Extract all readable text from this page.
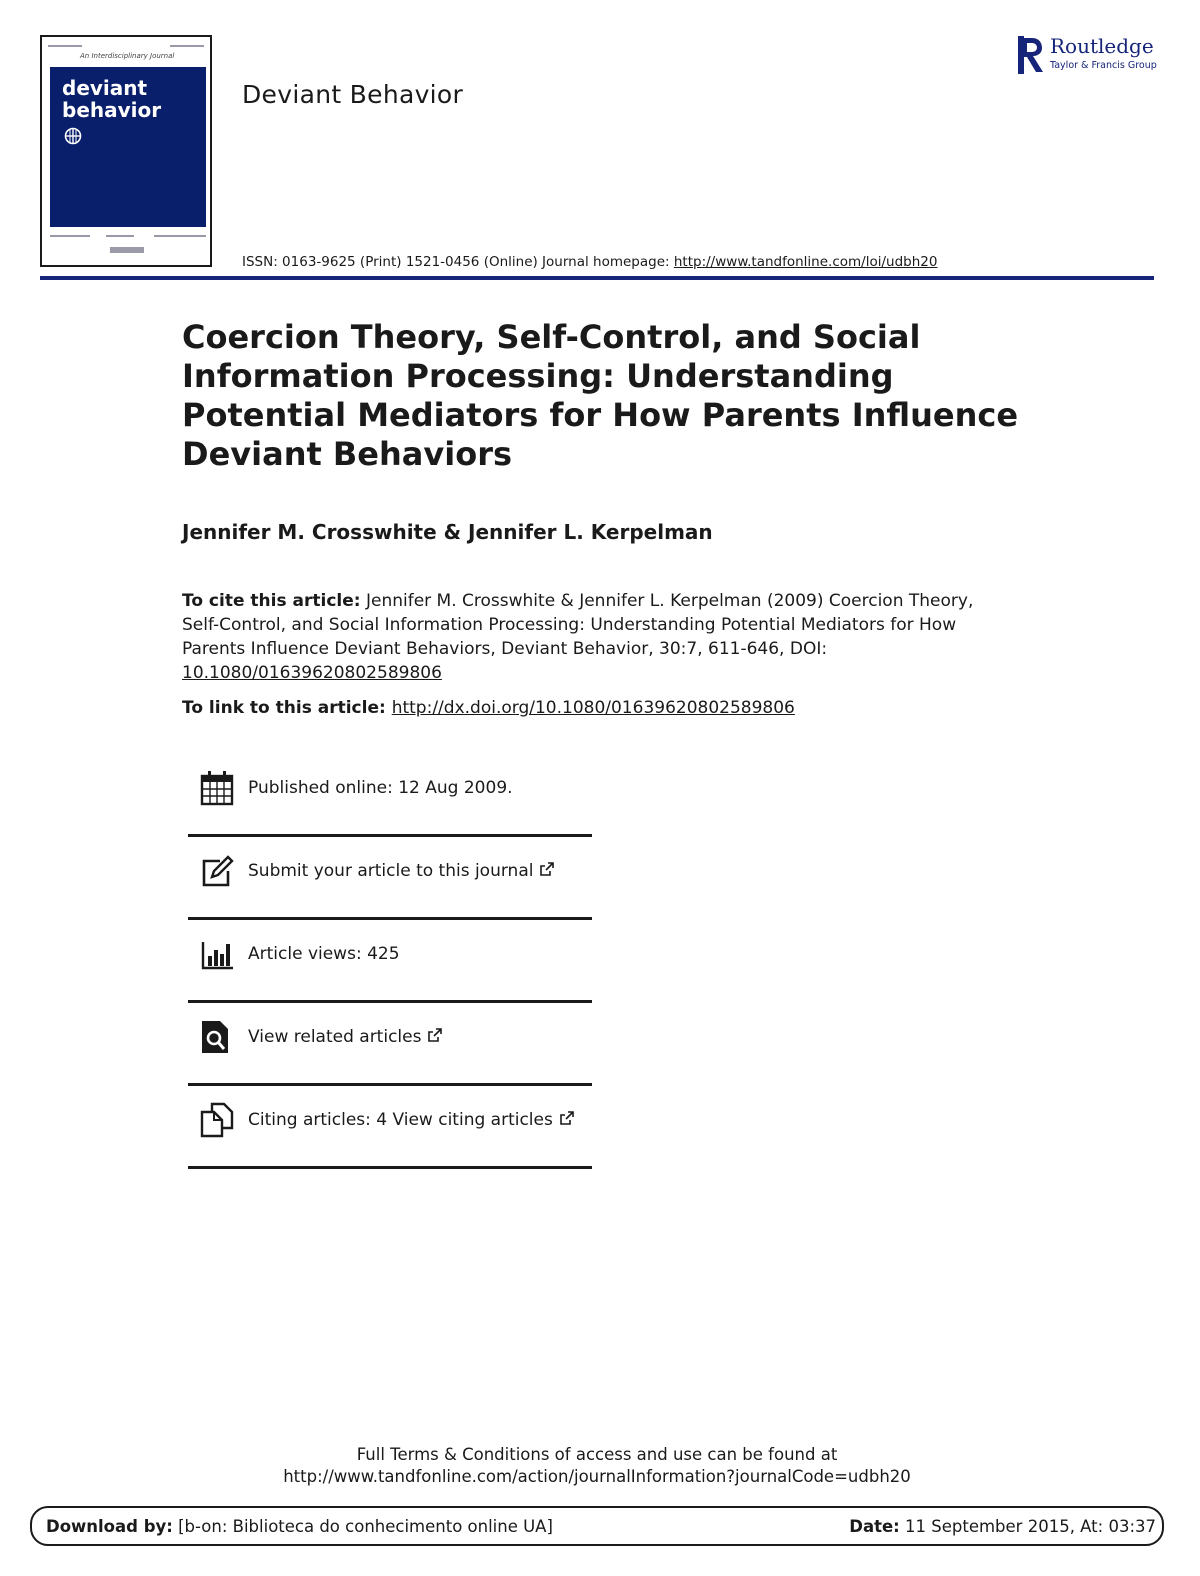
An Interdisciplinary Journal
deviant
behavior
Deviant Behavior
ISSN: 0163-9625 (Print) 1521-0456 (Online) Journal homepage: http://www.tandfonline.com/loi/udbh20
Routledge
Taylor & Francis Group
Coercion Theory, Self-Control, and Social Information Processing: Understanding Potential Mediators for How Parents Influence Deviant Behaviors
Jennifer M. Crosswhite & Jennifer L. Kerpelman
To cite this article: Jennifer M. Crosswhite & Jennifer L. Kerpelman (2009) Coercion Theory, Self-Control, and Social Information Processing: Understanding Potential Mediators for How Parents Influence Deviant Behaviors, Deviant Behavior, 30:7, 611-646, DOI: 10.1080/01639620802589806
To link to this article: http://dx.doi.org/10.1080/01639620802589806
Published online: 12 Aug 2009.
Submit your article to this journal
Article views: 425
View related articles
Citing articles: 4 View citing articles
Full Terms & Conditions of access and use can be found at
http://www.tandfonline.com/action/journalInformation?journalCode=udbh20
Download by: [b-on: Biblioteca do conhecimento online UA]	Date: 11 September 2015, At: 03:37
